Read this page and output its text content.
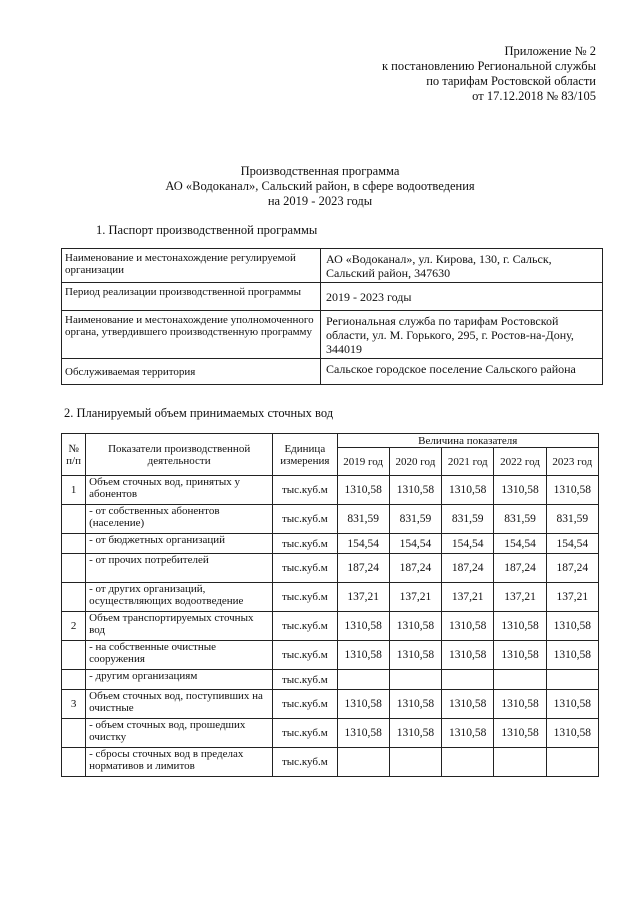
Приложение № 2
к постановлению Региональной службы
по тарифам Ростовской области
от 17.12.2018 № 83/105
Производственная программа
АО «Водоканал», Сальский район, в сфере водоотведения
на 2019 - 2023 годы
1. Паспорт производственной программы
Наименование и местонахождение регулируемой организации	АО «Водоканал», ул. Кирова, 130, г. Сальск, Сальский район, 347630
Период реализации производственной программы	2019 - 2023 годы
Наименование и местонахождение уполномоченного органа, утвердившего производственную программу	Региональная служба по тарифам Ростовской области, ул. М. Горького, 295, г. Ростов-на-Дону, 344019
Обслуживаемая территория	Сальское городское поселение Сальского района
2. Планируемый объем принимаемых сточных вод
№ п/п	Показатели производственной деятельности	Единица измерения	Величина показателя				
			2019 год	2020 год	2021 год	2022 год	2023 год
1	Объем сточных вод, принятых у абонентов	тыс.куб.м	1310,58	1310,58	1310,58	1310,58	1310,58
	- от собственных абонентов (население)	тыс.куб.м	831,59	831,59	831,59	831,59	831,59
	- от бюджетных организаций	тыс.куб.м	154,54	154,54	154,54	154,54	154,54
	- от прочих потребителей	тыс.куб.м	187,24	187,24	187,24	187,24	187,24
	- от других организаций, осуществляющих водоотведение	тыс.куб.м	137,21	137,21	137,21	137,21	137,21
2	Объем транспортируемых сточных вод	тыс.куб.м	1310,58	1310,58	1310,58	1310,58	1310,58
	- на собственные очистные сооружения	тыс.куб.м	1310,58	1310,58	1310,58	1310,58	1310,58
	- другим организациям	тыс.куб.м					
3	Объем сточных вод, поступивших на очистные	тыс.куб.м	1310,58	1310,58	1310,58	1310,58	1310,58
	- объем сточных вод, прошедших очистку	тыс.куб.м	1310,58	1310,58	1310,58	1310,58	1310,58
	- сбросы сточных вод в пределах нормативов и лимитов	тыс.куб.м					
